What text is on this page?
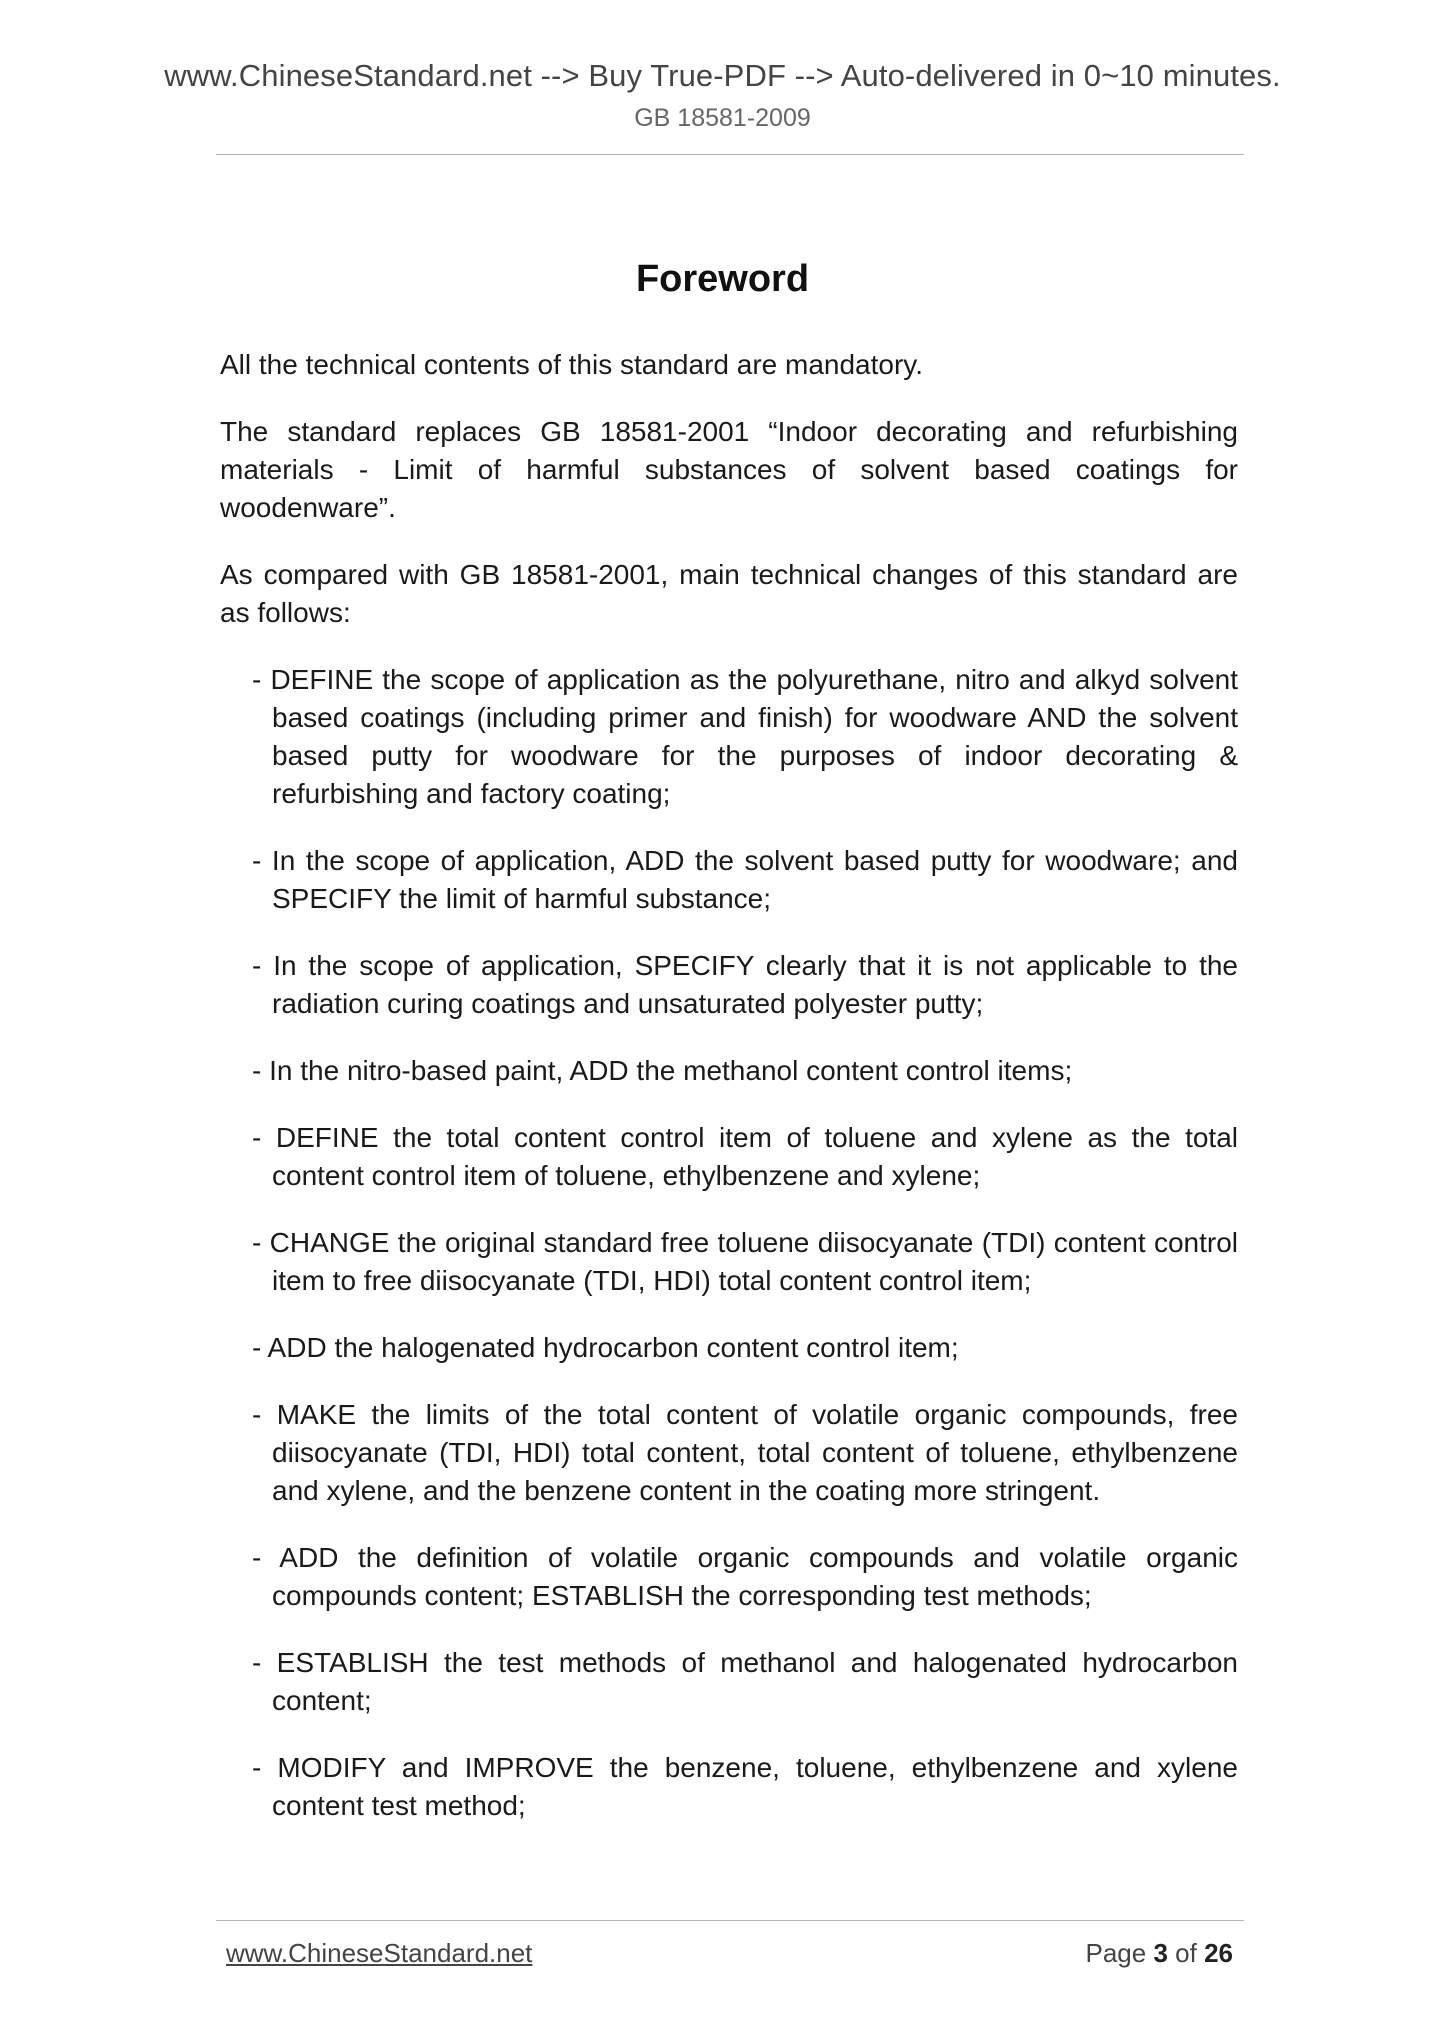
www.ChineseStandard.net --> Buy True-PDF --> Auto-delivered in 0~10 minutes.
GB 18581-2009
Foreword

All the technical contents of this standard are mandatory.

The standard replaces GB 18581-2001 “Indoor decorating and refurbishing materials - Limit of harmful substances of solvent based coatings for woodenware”.

As compared with GB 18581-2001, main technical changes of this standard are as follows:

- DEFINE the scope of application as the polyurethane, nitro and alkyd solvent based coatings (including primer and finish) for woodware AND the solvent based putty for woodware for the purposes of indoor decorating & refurbishing and factory coating;
- In the scope of application, ADD the solvent based putty for woodware; and SPECIFY the limit of harmful substance;
- In the scope of application, SPECIFY clearly that it is not applicable to the radiation curing coatings and unsaturated polyester putty;
- In the nitro-based paint, ADD the methanol content control items;
- DEFINE the total content control item of toluene and xylene as the total content control item of toluene, ethylbenzene and xylene;
- CHANGE the original standard free toluene diisocyanate (TDI) content control item to free diisocyanate (TDI, HDI) total content control item;
- ADD the halogenated hydrocarbon content control item;
- MAKE the limits of the total content of volatile organic compounds, free diisocyanate (TDI, HDI) total content, total content of toluene, ethylbenzene and xylene, and the benzene content in the coating more stringent.
- ADD the definition of volatile organic compounds and volatile organic compounds content; ESTABLISH the corresponding test methods;
- ESTABLISH the test methods of methanol and halogenated hydrocarbon content;
- MODIFY and IMPROVE the benzene, toluene, ethylbenzene and xylene content test method;
www.ChineseStandard.net	Page 3 of 26
